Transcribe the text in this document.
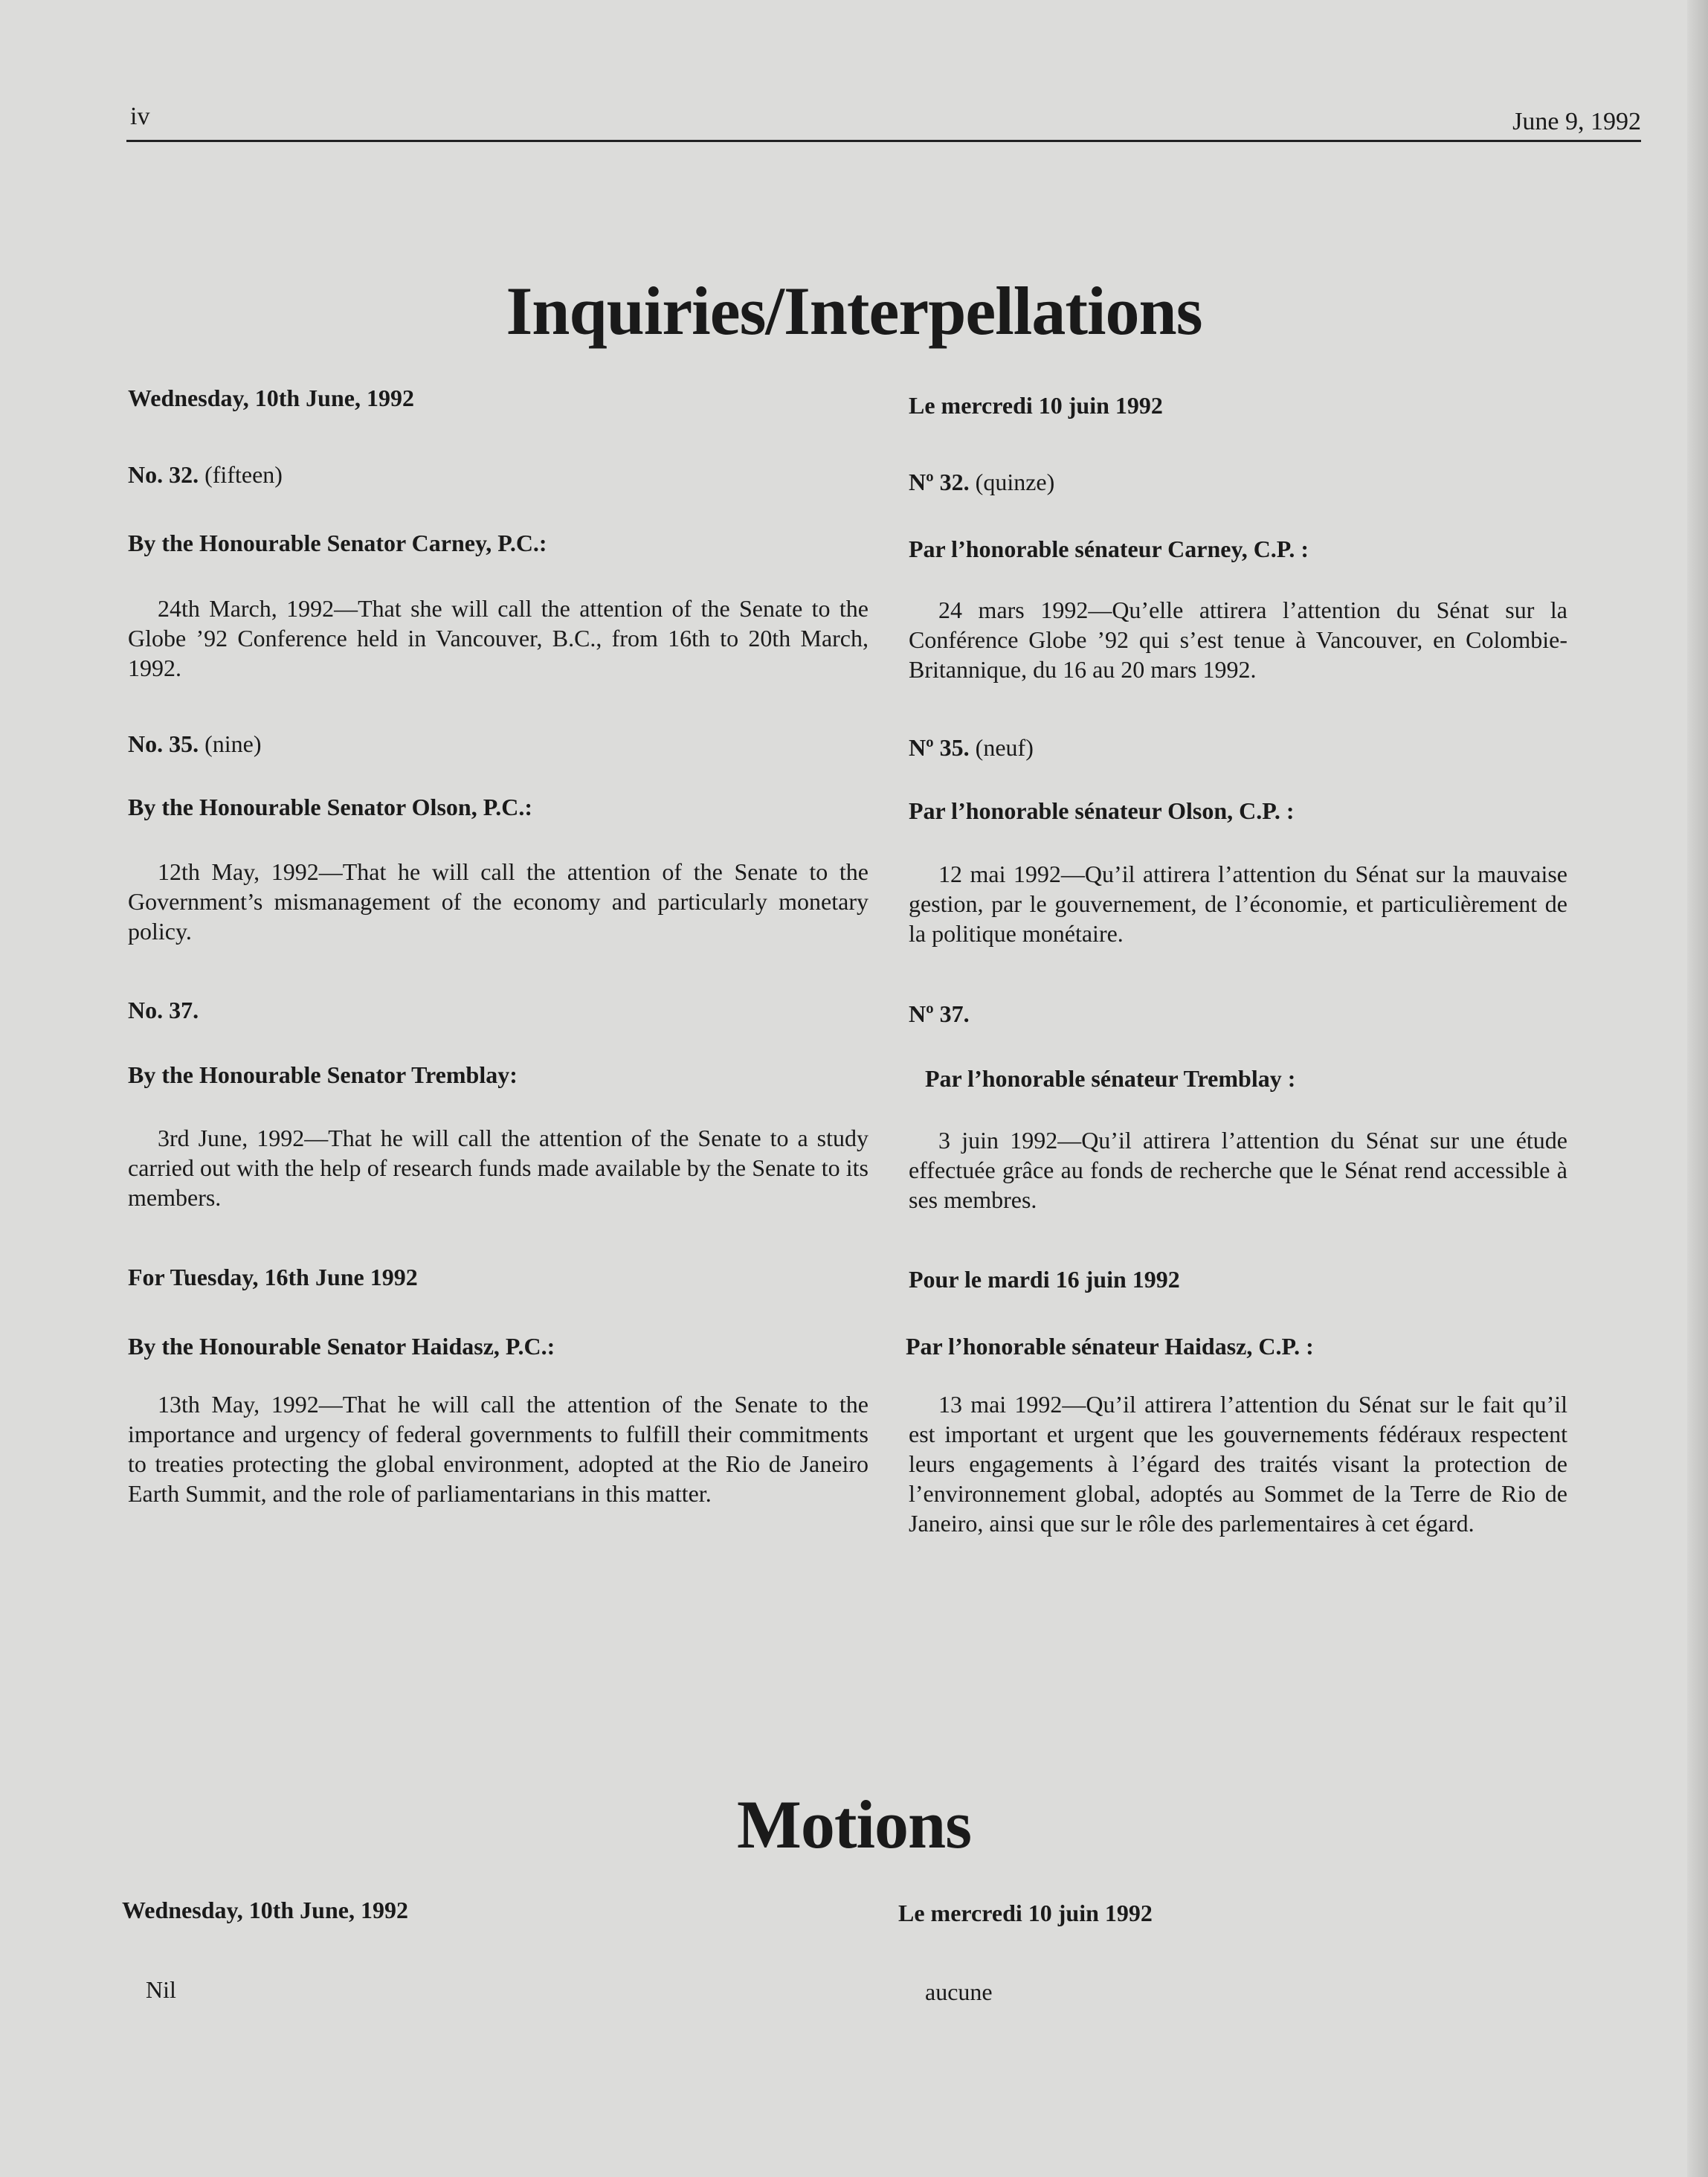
iv	June 9, 1992
Inquiries/Interpellations
Wednesday, 10th June, 1992
No. 32. (fifteen)
By the Honourable Senator Carney, P.C.:

24th March, 1992—That she will call the attention of the Senate to the Globe ’92 Conference held in Vancouver, B.C., from 16th to 20th March, 1992.

No. 35. (nine)
By the Honourable Senator Olson, P.C.:

12th May, 1992—That he will call the attention of the Senate to the Government’s mismanagement of the economy and particularly monetary policy.

No. 37.
By the Honourable Senator Tremblay:

3rd June, 1992—That he will call the attention of the Senate to a study carried out with the help of research funds made available by the Senate to its members.

For Tuesday, 16th June 1992
By the Honourable Senator Haidasz, P.C.:

13th May, 1992—That he will call the attention of the Senate to the importance and urgency of federal governments to fulfill their commitments to treaties protecting the global environment, adopted at the Rio de Janeiro Earth Summit, and the role of parliamentarians in this matter.

Le mercredi 10 juin 1992
Nº 32. (quinze)
Par l’honorable sénateur Carney, C.P. :

24 mars 1992—Qu’elle attirera l’attention du Sénat sur la Conférence Globe ’92 qui s’est tenue à Vancouver, en Colombie-Britannique, du 16 au 20 mars 1992.

Nº 35. (neuf)
Par l’honorable sénateur Olson, C.P. :

12 mai 1992—Qu’il attirera l’attention du Sénat sur la mauvaise gestion, par le gouvernement, de l’économie, et particulièrement de la politique monétaire.

Nº 37.
Par l’honorable sénateur Tremblay :

3 juin 1992—Qu’il attirera l’attention du Sénat sur une étude effectuée grâce au fonds de recherche que le Sénat rend accessible à ses membres.

Pour le mardi 16 juin 1992
Par l’honorable sénateur Haidasz, C.P. :

13 mai 1992—Qu’il attirera l’attention du Sénat sur le fait qu’il est important et urgent que les gouvernements fédéraux respectent leurs engagements à l’égard des traités visant la protection de l’environnement global, adoptés au Sommet de la Terre de Rio de Janeiro, ainsi que sur le rôle des parlementaires à cet égard.

Motions
Wednesday, 10th June, 1992
Nil
Le mercredi 10 juin 1992
aucune
